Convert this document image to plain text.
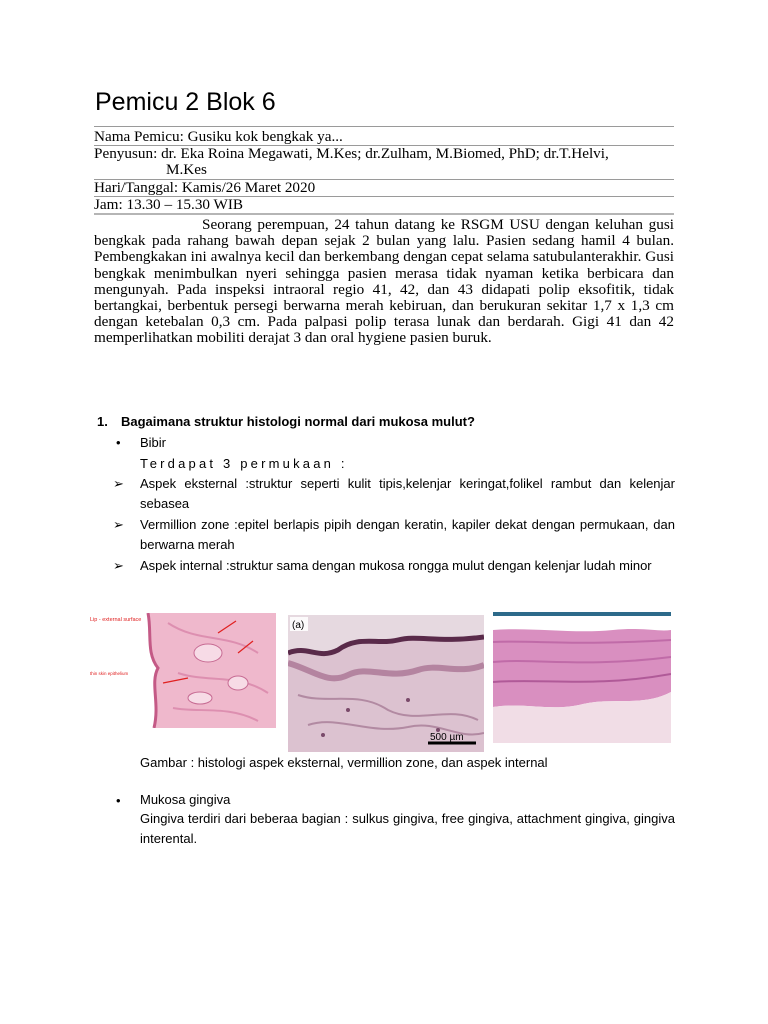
Pemicu 2 Blok 6
Nama Pemicu: Gusiku kok bengkak ya...
Penyusun: dr. Eka Roina Megawati, M.Kes; dr.Zulham, M.Biomed, PhD; dr.T.Helvi,
M.Kes
Hari/Tanggal: Kamis/26 Maret 2020
Jam: 13.30 – 15.30 WIB
Seorang perempuan, 24 tahun datang ke RSGM USU dengan keluhan gusi bengkak pada rahang bawah depan sejak 2 bulan yang lalu. Pasien sedang hamil 4 bulan. Pembengkakan ini awalnya kecil dan berkembang dengan cepat selama satubulanterakhir. Gusi bengkak menimbulkan nyeri sehingga pasien merasa tidak nyaman ketika berbicara dan mengunyah. Pada inspeksi intraoral regio 41, 42, dan 43 didapati polip eksofitik, tidak bertangkai, berbentuk persegi berwarna merah kebiruan, dan berukuran sekitar 1,7 x 1,3 cm dengan ketebalan 0,3 cm. Pada palpasi polip terasa lunak dan berdarah. Gigi 41 dan 42 memperlihatkan mobiliti derajat 3 dan oral hygiene pasien buruk.
1. Bagaimana struktur histologi normal dari mukosa mulut?
• Bibir
Terdapat 3 permukaan :
➢ Aspek eksternal :struktur seperti kulit tipis,kelenjar keringat,folikel rambut dan kelenjar sebasea
➢ Vermillion zone :epitel berlapis pipih dengan keratin, kapiler dekat dengan permukaan, dan berwarna merah
➢ Aspek internal :struktur sama dengan mukosa rongga mulut dengan kelenjar ludah minor
Lip - external surface
thin skin epithelium
(a)
500 µm
oral mucosa
Gambar : histologi aspek eksternal, vermillion zone, dan aspek internal
• Mukosa gingiva
Gingiva terdiri dari beberaa bagian : sulkus gingiva, free gingiva, attachment gingiva, gingiva interental.
